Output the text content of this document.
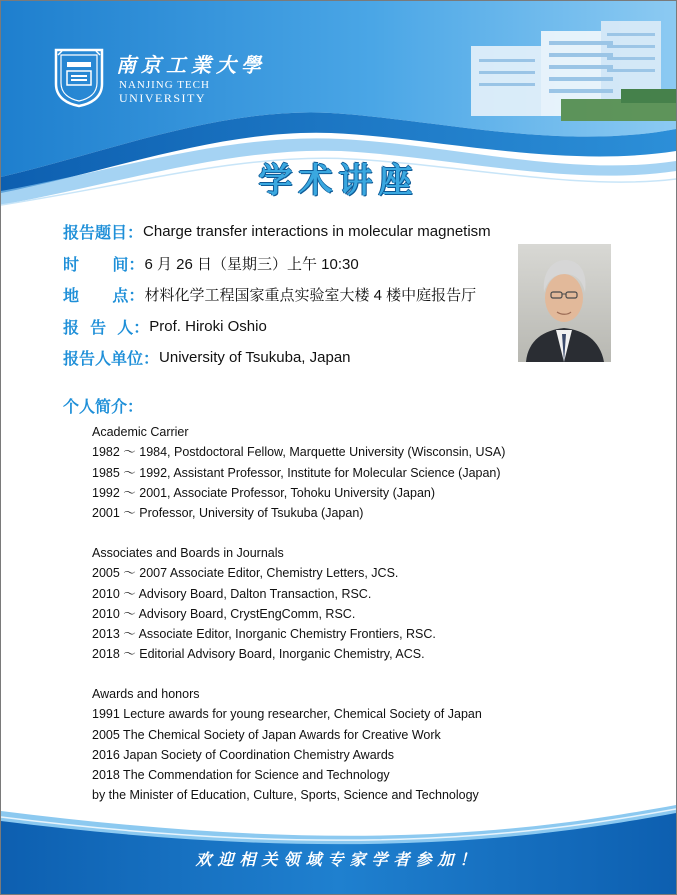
南京工業大學
NANJING TECH
UNIVERSITY
学术讲座
报告题目： Charge transfer interactions in molecular magnetism
时      间： 6 月 26 日（星期三）上午 10:30
地      点： 材料化学工程国家重点实验室大楼 4 楼中庭报告厅
报  告  人： Prof. Hiroki Oshio
报告人单位： University of Tsukuba, Japan
个人简介：
Academic Carrier
1982 ～ 1984, Postdoctoral Fellow, Marquette University (Wisconsin, USA)
1985 ～ 1992, Assistant Professor, Institute for Molecular Science (Japan)
1992 ～ 2001, Associate Professor, Tohoku University (Japan)
2001 ～ Professor, University of Tsukuba (Japan)
Associates and Boards in Journals
2005 ～ 2007 Associate Editor, Chemistry Letters, JCS.
2010 ～ Advisory Board, Dalton Transaction, RSC.
2010 ～ Advisory Board, CrystEngComm, RSC.
2013 ～ Associate Editor, Inorganic Chemistry Frontiers, RSC.
2018 ～ Editorial Advisory Board, Inorganic Chemistry, ACS.
Awards and honors
1991 Lecture awards for young researcher, Chemical Society of Japan
2005 The Chemical Society of Japan Awards for Creative Work
2016 Japan Society of Coordination Chemistry Awards
2018 The Commendation for Science and Technology
by the Minister of Education, Culture, Sports, Science and Technology
欢迎相关领域专家学者参加！
